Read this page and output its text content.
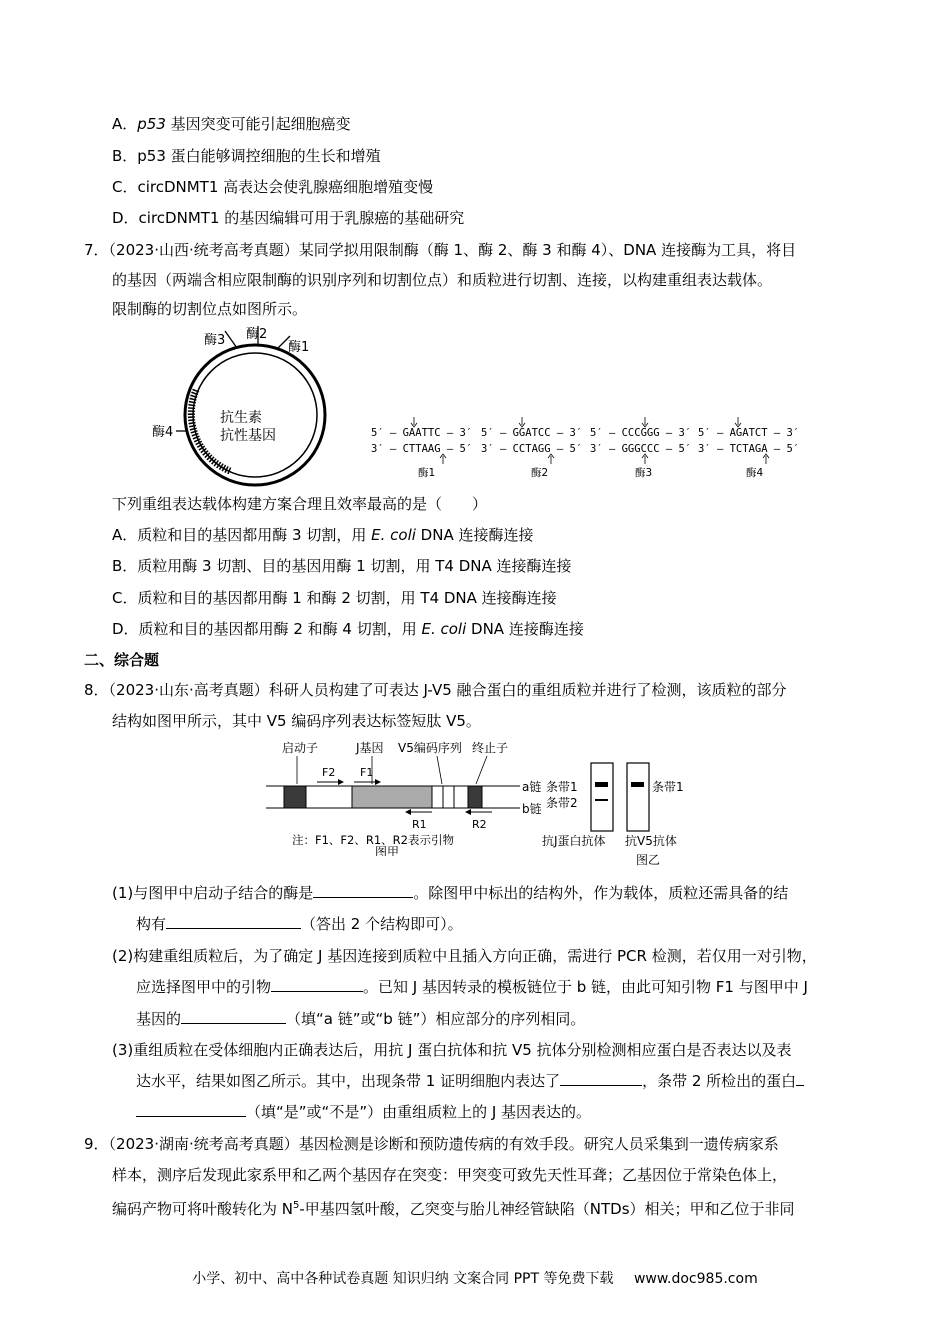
A．p53 基因突变可能引起细胞癌变
B．p53 蛋白能够调控细胞的生长和增殖
C．circDNMT1 高表达会使乳腺癌细胞增殖变慢
D．circDNMT1 的基因编辑可用于乳腺癌的基础研究
7．（2023·山西·统考高考真题）某同学拟用限制酶（酶 1、酶 2、酶 3 和酶 4）、DNA 连接酶为工具，将目
的基因（两端含相应限制酶的识别序列和切割位点）和质粒进行切割、连接，以构建重组表达载体。
限制酶的切割位点如图所示。
酶3 酶2
酶1
酶4
抗生素
抗性基因	5′ — GAATTC — 3′
3′ — CTTAAG — 5′
酶1
5′ — GGATCC — 3′
3′ — CCTAGG — 5′
酶2
5′ — CCCGGG — 3′
3′ — GGGCCC — 5′
酶3
5′ — AGATCT — 3′
3′ — TCTAGA — 5′
酶4
下列重组表达载体构建方案合理且效率最高的是（　　）
A．质粒和目的基因都用酶 3 切割，用 E. coli DNA 连接酶连接
B．质粒用酶 3 切割、目的基因用酶 1 切割，用 T4 DNA 连接酶连接
C．质粒和目的基因都用酶 1 和酶 2 切割，用 T4 DNA 连接酶连接
D．质粒和目的基因都用酶 2 和酶 4 切割，用 E. coli DNA 连接酶连接
二、综合题
8．（2023·山东·高考真题）科研人员构建了可表达 J-V5 融合蛋白的重组质粒并进行了检测，该质粒的部分
结构如图甲所示，其中 V5 编码序列表达标签短肽 V5。
启动子	J基因 V5编码序列 终止子
F2 F1
a链
b链
R1	R2
注：F1、F2、R1、R2表示引物
图甲
条带1
条带2
条带1
抗J蛋白抗体 抗V5抗体
图乙
(1)与图甲中启动子结合的酶是	。除图甲中标出的结构外，作为载体，质粒还需具备的结
构有	（答出 2 个结构即可）。
(2)构建重组质粒后，为了确定 J 基因连接到质粒中且插入方向正确，需进行 PCR 检测，若仅用一对引物，
应选择图甲中的引物	。已知 J 基因转录的模板链位于 b 链，由此可知引物 F1 与图甲中 J
基因的	（填“a 链”或“b 链”）相应部分的序列相同。
(3)重组质粒在受体细胞内正确表达后，用抗 J 蛋白抗体和抗 V5 抗体分别检测相应蛋白是否表达以及表
达水平，结果如图乙所示。其中，出现条带 1 证明细胞内表达了	，条带 2 所检出的蛋白
（填“是”或“不是”）由重组质粒上的 J 基因表达的。
9．（2023·湖南·统考高考真题）基因检测是诊断和预防遗传病的有效手段。研究人员采集到一遗传病家系
样本，测序后发现此家系甲和乙两个基因存在突变：甲突变可致先天性耳聋；乙基因位于常染色体上，
编码产物可将叶酸转化为 $N^5-$甲基四氢叶酸，乙突变与胎儿神经管缺陷（NTDs）相关；甲和乙位于非同
小学、初中、高中各种试卷真题 知识归纳 文案合同 PPT 等免费下载 www.doc985.com
